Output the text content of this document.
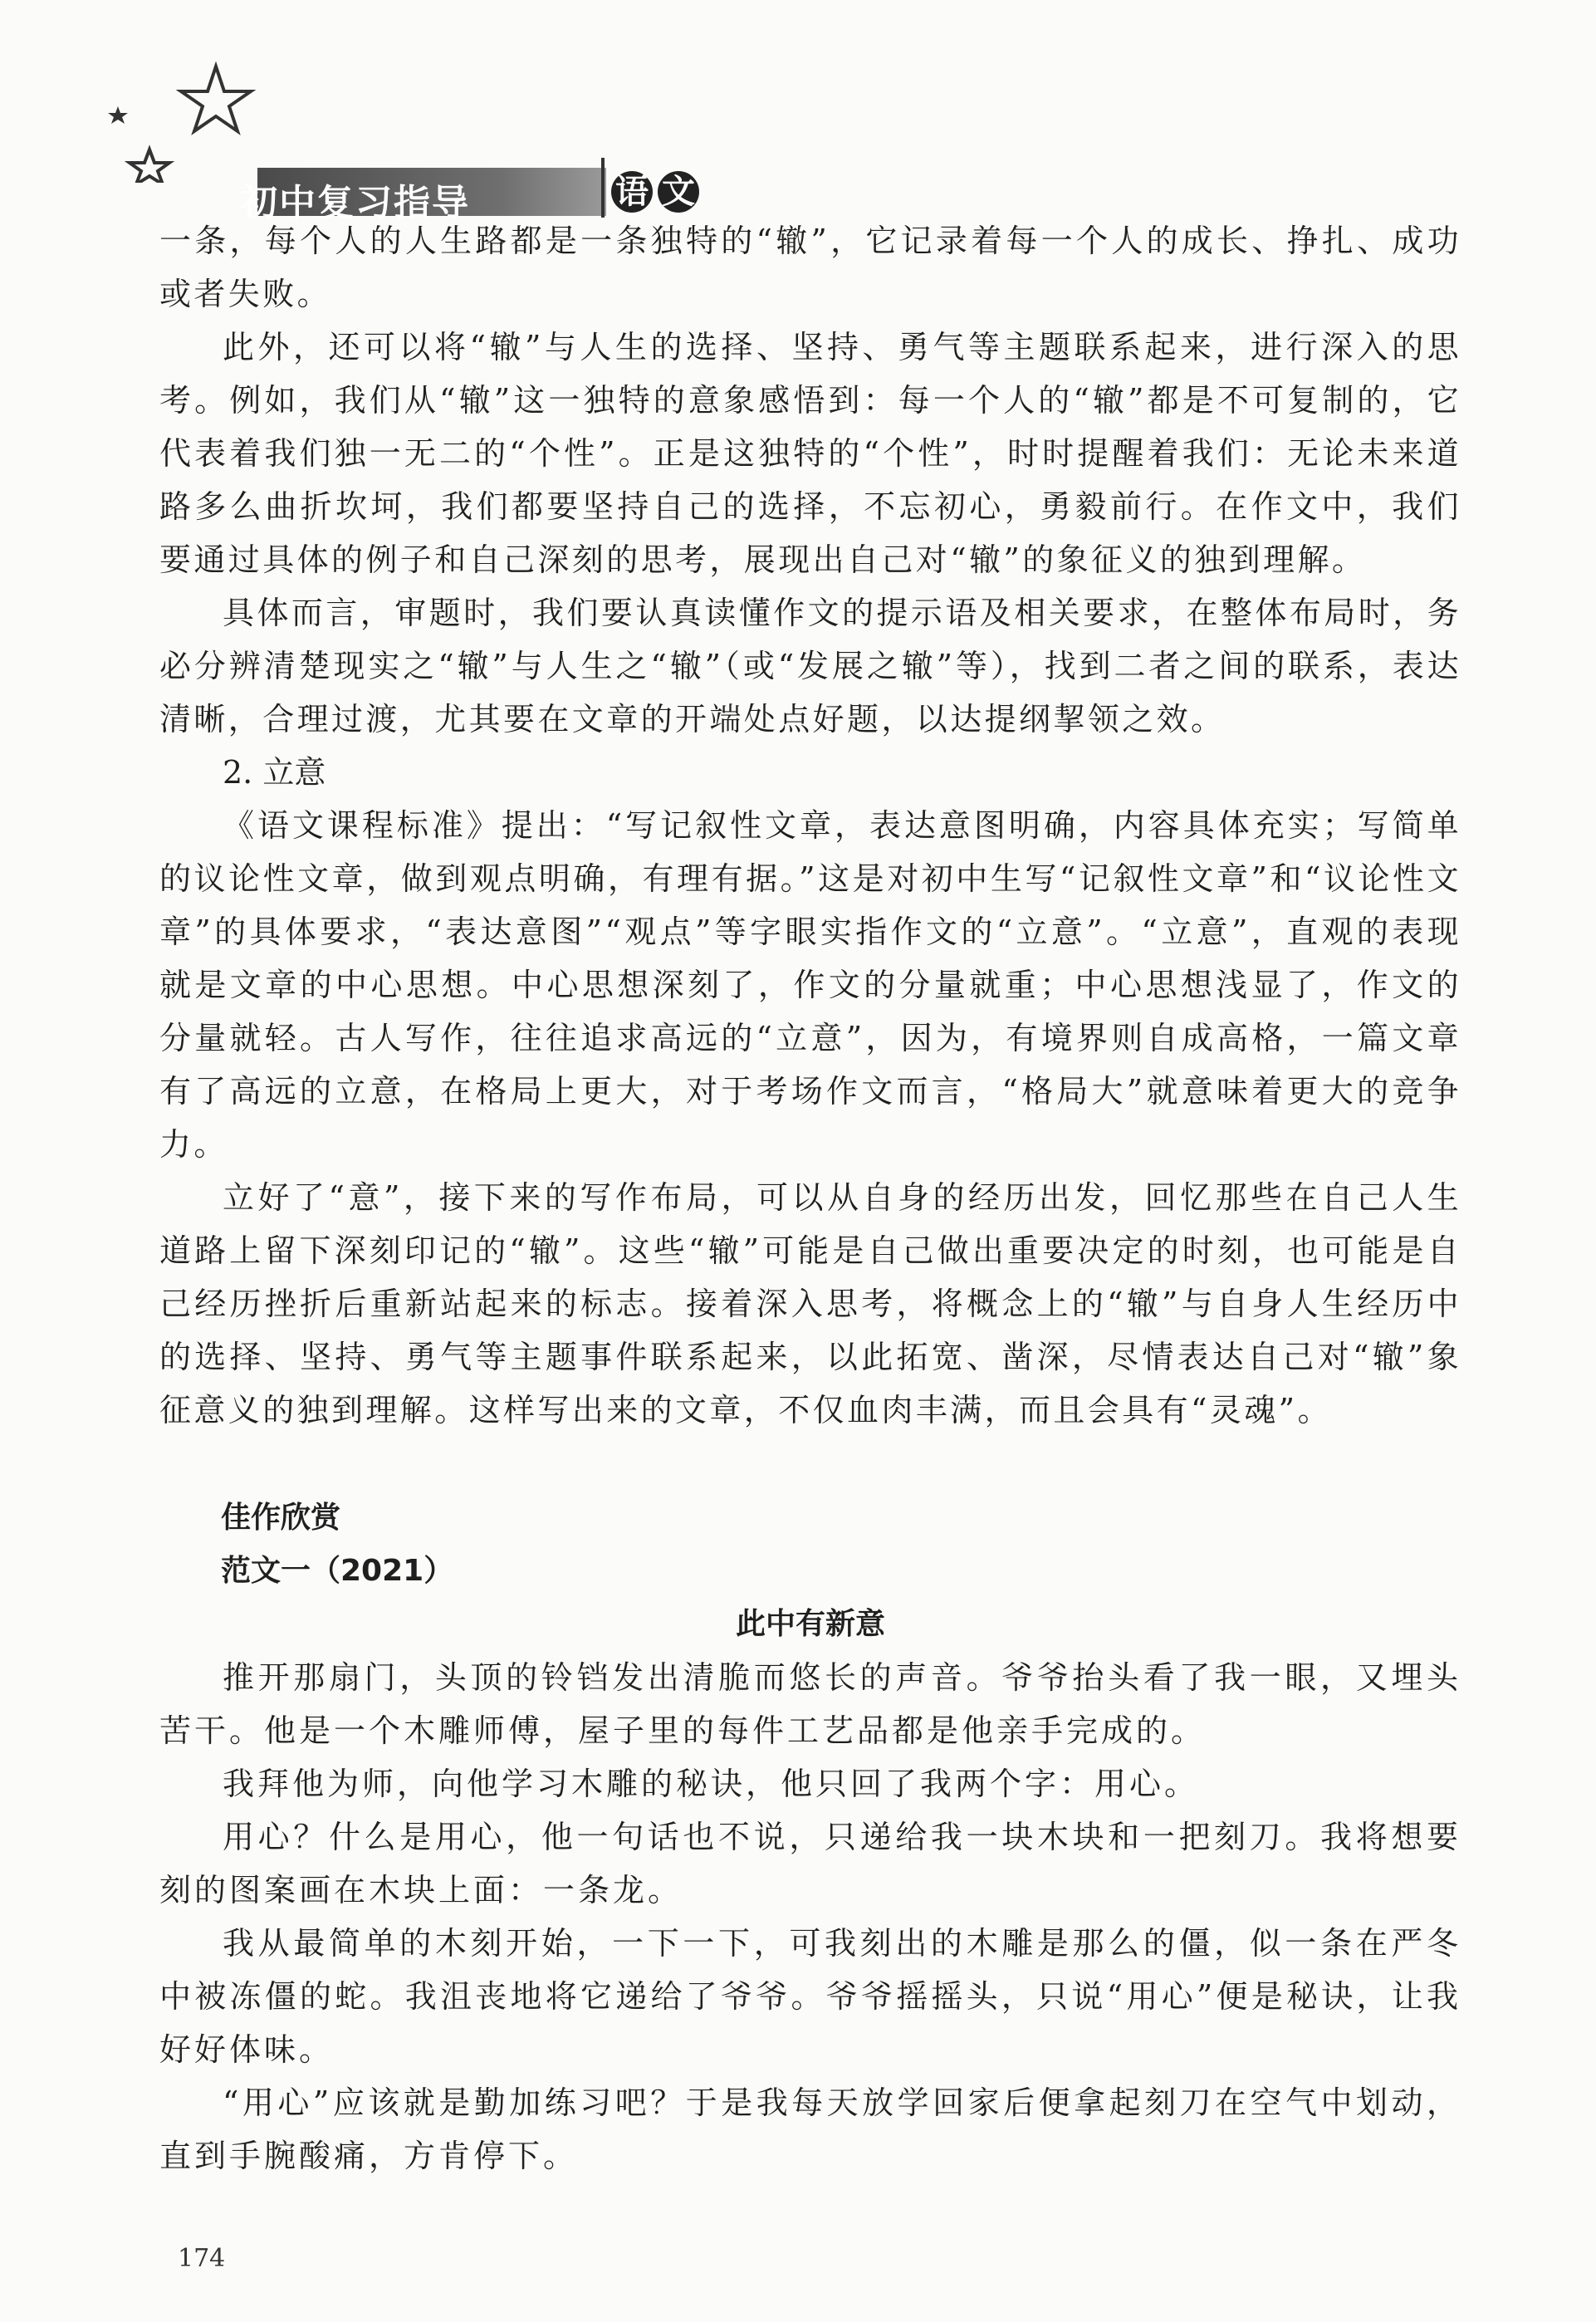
初中复习指导	语 文

一条，每个人的人生路都是一条独特的“辙”，它记录着每一个人的成长、挣扎、成功或者失败。

此外，还可以将“辙”与人生的选择、坚持、勇气等主题联系起来，进行深入的思考。例如，我们从“辙”这一独特的意象感悟到：每一个人的“辙”都是不可复制的，它代表着我们独一无二的“个性”。正是这独特的“个性”，时时提醒着我们：无论未来道路多么曲折坎坷，我们都要坚持自己的选择，不忘初心，勇毅前行。在作文中，我们要通过具体的例子和自己深刻的思考，展现出自己对“辙”的象征义的独到理解。

具体而言，审题时，我们要认真读懂作文的提示语及相关要求，在整体布局时，务必分辨清楚现实之“辙”与人生之“辙”（或“发展之辙”等），找到二者之间的联系，表达清晰，合理过渡，尤其要在文章的开端处点好题，以达提纲挈领之效。

2. 立意

《语文课程标准》提出：“写记叙性文章，表达意图明确，内容具体充实；写简单的议论性文章，做到观点明确，有理有据。”这是对初中生写“记叙性文章”和“议论性文章”的具体要求，“表达意图”“观点”等字眼实指作文的“立意”。“立意”，直观的表现就是文章的中心思想。中心思想深刻了，作文的分量就重；中心思想浅显了，作文的分量就轻。古人写作，往往追求高远的“立意”，因为，有境界则自成高格，一篇文章有了高远的立意，在格局上更大，对于考场作文而言，“格局大”就意味着更大的竞争力。

立好了“意”，接下来的写作布局，可以从自身的经历出发，回忆那些在自己人生道路上留下深刻印记的“辙”。这些“辙”可能是自己做出重要决定的时刻，也可能是自己经历挫折后重新站起来的标志。接着深入思考，将概念上的“辙”与自身人生经历中的选择、坚持、勇气等主题事件联系起来，以此拓宽、凿深，尽情表达自己对“辙”象征意义的独到理解。这样写出来的文章，不仅血肉丰满，而且会具有“灵魂”。

佳作欣赏

范文一（2021）

此中有新意

推开那扇门，头顶的铃铛发出清脆而悠长的声音。爷爷抬头看了我一眼，又埋头苦干。他是一个木雕师傅，屋子里的每件工艺品都是他亲手完成的。

我拜他为师，向他学习木雕的秘诀，他只回了我两个字：用心。

用心？什么是用心，他一句话也不说，只递给我一块木块和一把刻刀。我将想要刻的图案画在木块上面：一条龙。

我从最简单的木刻开始，一下一下，可我刻出的木雕是那么的僵，似一条在严冬中被冻僵的蛇。我沮丧地将它递给了爷爷。爷爷摇摇头，只说“用心”便是秘诀，让我好好体味。

“用心”应该就是勤加练习吧？于是我每天放学回家后便拿起刻刀在空气中划动，直到手腕酸痛，方肯停下。

174
